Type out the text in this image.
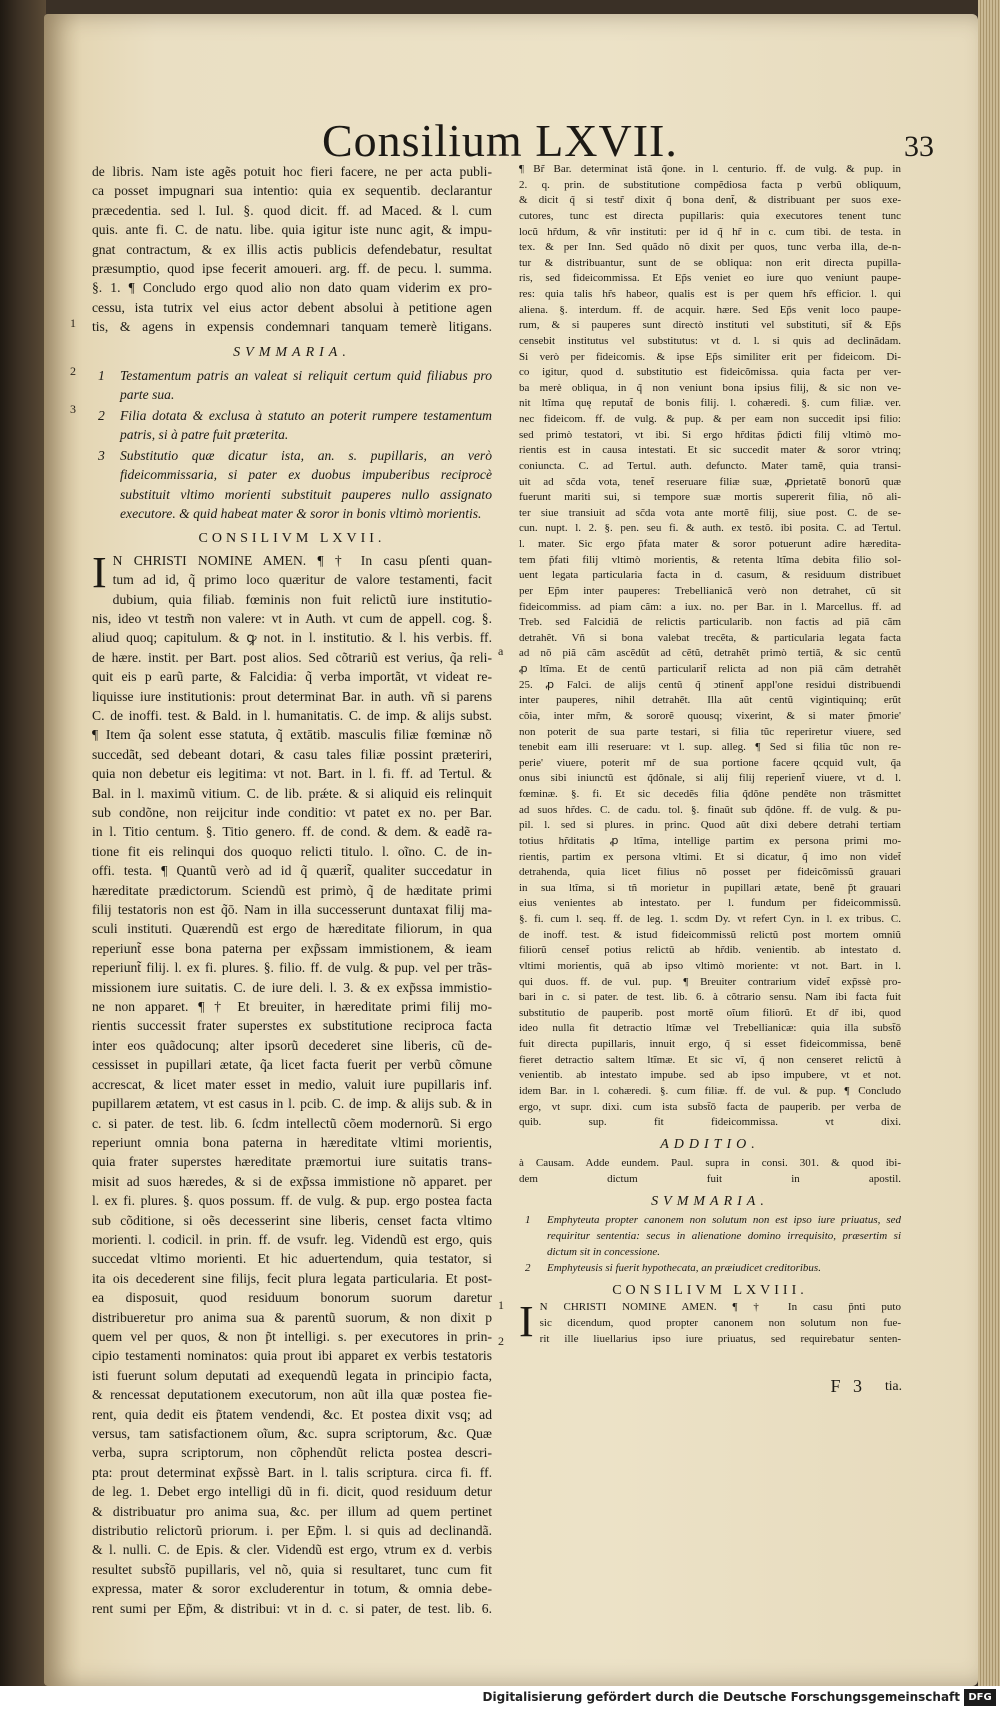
Consilium LXVII.	33
de libris. Nam iste agẽs potuit hoc fieri facere, ne per acta publi-
ca posset impugnari sua intentio: quia ex sequentib. declarantur
præcedentia. sed l. Iul. §. quod dicit. ff. ad Maced. & l. cum
quis. ante fi. C. de natu. libe. quia igitur iste nunc agit, & impu-
gnat contractum, & ex illis actis publicis defendebatur, resultat
præsumptio, quod ipse fecerit amoueri. arg. ff. de pecu. l. summa.
§. 1. ¶ Concludo ergo quod alio non dato quam viderim ex pro-
cessu, ista tutrix vel eius actor debent absolui à petitione agen
tis, & agens in expensis condemnari tanquam temerè litigans.
SVMMARIA.
1 Testamentum patris an valeat si reliquit certum quid filiabus pro parte sua.
2 Filia dotata & exclusa à statuto an poterit rumpere testamentum patris, si à patre fuit præterita.
3 Substitutio quæ dicatur ista, an. s. pupillaris, an verò fideicommissaria, si pater ex duobus impuberibus reciprocè substituit vltimo morienti substituit pauperes nullo assignato executore. & quid habeat mater & soror in bonis vltimò morientis.
CONSILIVM LXVII.
I N CHRISTI NOMINE AMEN. ¶ † In casu pſenti quan-
tum ad id, q̃ primo loco quæritur de valore testamenti, facit
dubium, quia filiab. fœminis non fuit relictũ iure institutio-
nis, ideo vt testm̃ non valere: vt in Auth. vt cum de appell. cog. §.
aliud quoq; capitulum. & ꝙ not. in l. institutio. & l. his verbis. ff.
de hære. instit. per Bart. post alios. Sed cõtrariũ est verius, q̃a reli-
quit eis p earũ parte, & Falcidia: q̃ verba importãt, vt videat re-
liquisse iure institutionis: prout determinat Bar. in auth. vñ si parens
C. de inoffi. test. & Bald. in l. humanitatis. C. de imp. & alijs subst.
¶ Item q̃a solent esse statuta, q̃ extātib. masculis filiæ fœminæ nõ
succedãt, sed debeant dotari, & casu tales filiæ possint præteriri,
quia non debetur eis legitima: vt not. Bart. in l. fi. ff. ad Tertul. &
Bal. in l. maximũ vitium. C. de lib. prǽte. & si aliquid eis relinquit
sub condõne, non reijcitur inde conditio: vt patet ex no. per Bar.
in l. Titio centum. §. Titio genero. ff. de cond. & dem. & eadẽ ra-
tione fit eis relinqui dos quoquo relicti titulo. l. oĩno. C. de in-
offi. testa. ¶ Quantũ verò ad id q̃ quærit̃, qualiter succedatur in
hæreditate prædictorum. Sciendũ est primò, q̃ de hæditate primi
filij testatoris non est q̃ō. Nam in illa successerunt duntaxat filij ma-
sculi instituti. Quærendũ est ergo de hæreditate filiorum, in qua
reperiunt̃ esse bona paterna per exp̃ssam immistionem, & ieam
reperiunt̃ filij. l. ex fi. plures. §. filio. ff. de vulg. & pup. vel per trãs-
missionem iure suitatis. C. de iure deli. l. 3. & ex exp̃ssa immistio-
ne non apparet. ¶ † Et breuiter, in hæreditate primi filij mo-
rientis successit frater superstes ex substitutione reciproca facta
inter eos quãdocunq; alter ipsorũ decederet sine liberis, cũ de-
cessisset in pupillari ætate, q̃a licet facta fuerit per verbũ cõmune
accrescat, & licet mater esset in medio, valuit iure pupillaris inf.
pupillarem ætatem, vt est casus in l. pcib. C. de imp. & alijs sub. & in
c. si pater. de test. lib. 6. ſcdm intellectũ cõem modernorũ. Si ergo
reperiunt omnia bona paterna in hæreditate vltimi morientis,
quia frater superstes hæreditate præmortui iure suitatis trans-
misit ad suos hæredes, & si de exp̃ssa immistione nõ apparet. per
l. ex fi. plures. §. quos possum. ff. de vulg. & pup. ergo postea facta
sub cõditione, si oẽs decesserint sine liberis, censet facta vltimo
morienti. l. codicil. in prin. ff. de vsufr. leg. Videndũ est ergo, quis
succedat vltimo morienti. Et hic aduertendum, quia testator, si
ita ois decederent sine filijs, fecit plura legata particularia. Et post-
ea disposuit, quod residuum bonorum suorum daretur
distribueretur pro anima sua & parentũ suorum, & non dixit p
quem vel per quos, & non p̃t intelligi. s. per executores in prin-
cipio testamenti nominatos: quia prout ibi apparet ex verbis testatoris
isti fuerunt solum deputati ad exequendũ legata in principio facta,
& rencessat deputationem executorum, non aũt illa quæ postea fie-
rent, quia dedit eis p̃tatem vendendi, &c. Et postea dixit vsq; ad
versus, tam satisfactionem oĩum, &c. supra scriptorum, &c. Quæ
verba, supra scriptorum, non cõphendũt relicta postea descri-
pta: prout determinat exp̃ssè Bart. in l. talis scriptura. circa fi. ff.
de leg. 1. Debet ergo intelligi dũ in fi. dicit, quod residuum detur
& distribuatur pro anima sua, &c. per illum ad quem pertinet
distributio relictorũ priorum. i. per Ep̃m. l. si quis ad declinandã.
& l. nulli. C. de Epis. & cler. Videndũ est ergo, vtrum ex d. verbis
resultet subst̃ō pupillaris, vel nõ, quia si resultaret, tunc cum fit
expressa, mater & soror excluderentur in totum, & omnia debe-
rent sumi per Ep̃m, & distribui: vt in d. c. si pater, de test. lib. 6.
¶ Br̃ Bar. determinat istã q̃one. in l. centurio. ff. de vulg. & pup. in
2. q. prin. de substitutione compẽdiosa facta p verbũ obliquum,
& dicit q̃ si testr̃ dixit q̃ bona dent̃, & distribuant per suos exe-
cutores, tunc est directa pupillaris: quia executores tenent tunc
locũ hr̃dum, & vñr instituti: per id q̃ hr̃ in c. cum tibi. de testa. in
tex. & per Inn. Sed quãdo nõ dixit per quos, tunc verba illa, de-n-
tur & distribuantur, sunt de se obliqua: non erit directa pupilla-
ris, sed fideicommissa. Et Ep̃s veniet eo iure quo veniunt paupe-
res: quia talis hr̃s habeor, qualis est is per quem hr̃s efficior. l. qui
aliena. §. interdum. ff. de acquir. hære. Sed Ep̃s venit loco paupe-
rum, & si pauperes sunt directò instituti vel substituti, sit̃ & Ep̃s
censebit institutus vel substitutus: vt d. l. si quis ad declinãdam.
Si verò per fideicomis. & ipse Ep̃s similiter erit per fideicom. Di-
co igitur, quod d. substitutio est fideicõmissa. quia facta per ver-
ba merè obliqua, in q̃ non veniunt bona ipsius filij, & sic non ve-
nit ltĩma quę reputat̃ de bonis filij. l. cohæredi. §. cum filiæ. ver.
nec fideicom. ff. de vulg. & pup. & per eam non succedit ipsi filio:
sed primò testatori, vt ibi. Si ergo hr̃ditas p̃dicti filij vltimò mo-
rientis est in causa intestati. Et sic succedit mater & soror vtrinq;
coniuncta. C. ad Tertul. auth. defuncto. Mater tamẽ, quia transi-
uit ad sc̃da vota, tenet̃ reseruare filiæ suæ, ꝓprietatẽ bonorũ quæ
fuerunt mariti sui, si tempore suæ mortis supererit filia, nõ ali-
ter siue transiuit ad sc̃da vota ante mortẽ filij, siue post. C. de se-
cun. nupt. l. 2. §. pen. seu fi. & auth. ex testõ. ibi posita. C. ad Tertul.
l. mater. Sic ergo p̃fata mater & soror potuerunt adire hæredita-
tem p̃fati filij vltimò morientis, & retenta ltĩma debita filio sol-
uent legata particularia facta in d. casum, & residuum distribuet
per Ep̃m inter pauperes: Trebellianicã verò non detrahet, cũ sit
fideicommiss. ad piam cãm: a iux. no. per Bar. in l. Marcellus. ff. ad
Treb. sed Falcidiã de relictis particularib. non factis ad piã cãm
detrahẽt. Vñ si bona valebat trecẽta, & particularia legata facta
ad nõ piã cãm ascẽdũt ad cẽtũ, detrahẽt primò tertiã, & sic centũ
ꝓ ltĩma. Et de centũ particularit̃ relicta ad non piã cãm detrahẽt
25. ꝓ Falci. de alijs centũ q̃ ↄtinent̃ appl'one residui distribuendi
inter pauperes, nihil detrahẽt. Illa aũt centũ vigintiquinq; erũt
cõia, inter mr̃m, & sororẽ quousq; vixerint, & si mater p̃morie'
non poterit de sua parte testari, si filia tũc reperiretur viuere, sed
tenebit eam illi reseruare: vt l. sup. alleg. ¶ Sed si filia tũc non re-
perie' viuere, poterit mr̃ de sua portione facere qcquid vult, q̃a
onus sibi iniunctũ est q̃dõnale, si alij filij reperient̃ viuere, vt d. l.
fœminæ. §. fi. Et sic decedẽs filia q̃dõne pendẽte non trãsmittet
ad suos hr̃des. C. de cadu. tol. §. finaũt sub q̃dõne. ff. de vulg. & pu-
pil. l. sed si plures. in princ. Quod aũt dixi debere detrahi tertiam
totius hr̃ditatis ꝓ ltĩma, intellige partim ex persona primi mo-
rientis, partim ex persona vltimi. Et si dicatur, q̃ imo non videt̃
detrahenda, quia licet filius nõ posset per fideicõmissũ grauari
in sua ltĩma, si tñ morietur in pupillari ætate, benẽ p̃t grauari
eius venientes ab intestato. per l. fundum per fideicommissũ.
§. fi. cum l. seq. ff. de leg. 1. scdm Dy. vt refert Cyn. in l. ex tribus. C.
de inoff. test. & istud fideicommissũ relictũ post mortem omniũ
filiorũ censet̃ potius relictũ ab hr̃dib. venientib. ab intestato d.
vltimi morientis, quã ab ipso vltimò moriente: vt not. Bart. in l.
qui duos. ff. de vul. pup. ¶ Breuiter contrarium videt̃ exp̃ssè pro-
bari in c. si pater. de test. lib. 6. à cõtrario sensu. Nam ibi facta fuit
substitutio de pauperib. post mortẽ oĩum filiorũ. Et dr̃ ibi, quod
ideo nulla fit detractio ltĩmæ vel Trebellianicæ: quia illa subst̃ō
fuit directa pupillaris, innuit ergo, q̃ si esset fideicommissa, benẽ
fieret detractio saltem ltĩmæ. Et sic vĩ, q̃ non censeret relictũ à
venientib. ab intestato impube. sed ab ipso impubere, vt et not.
idem Bar. in l. cohæredi. §. cum filiæ. ff. de vul. & pup. ¶ Concludo
ergo, vt supr. dixi. cum ista subst̃ō facta de pauperib. per verba de
quib. sup. fit fideicommissa. vt dixi.
ADDITIO.
à Causam. Adde eundem. Paul. supra in consi. 301. & quod ibi-
dem dictum fuit in apostil.
SVMMARIA.
1 Emphyteuta propter canonem non solutum non est ipso iure priuatus, sed requiritur sententia: secus in alienatione domino irrequisito, præsertim si dictum sit in concessione.
2 Emphyteusis si fuerit hypothecata, an præiudicet creditoribus.
CONSILIVM LXVIII.
I N CHRISTI NOMINE AMEN. ¶ † In casu p̃nti puto
sic dicendum, quod propter canonem non solutum non fue-
rit ille liuellarius ipso iure priuatus, sed requirebatur senten-
1
2
3
a
1
2
F 3 tia.
Digitalisierung gefördert durch die Deutsche Forschungsgemeinschaft DFG
